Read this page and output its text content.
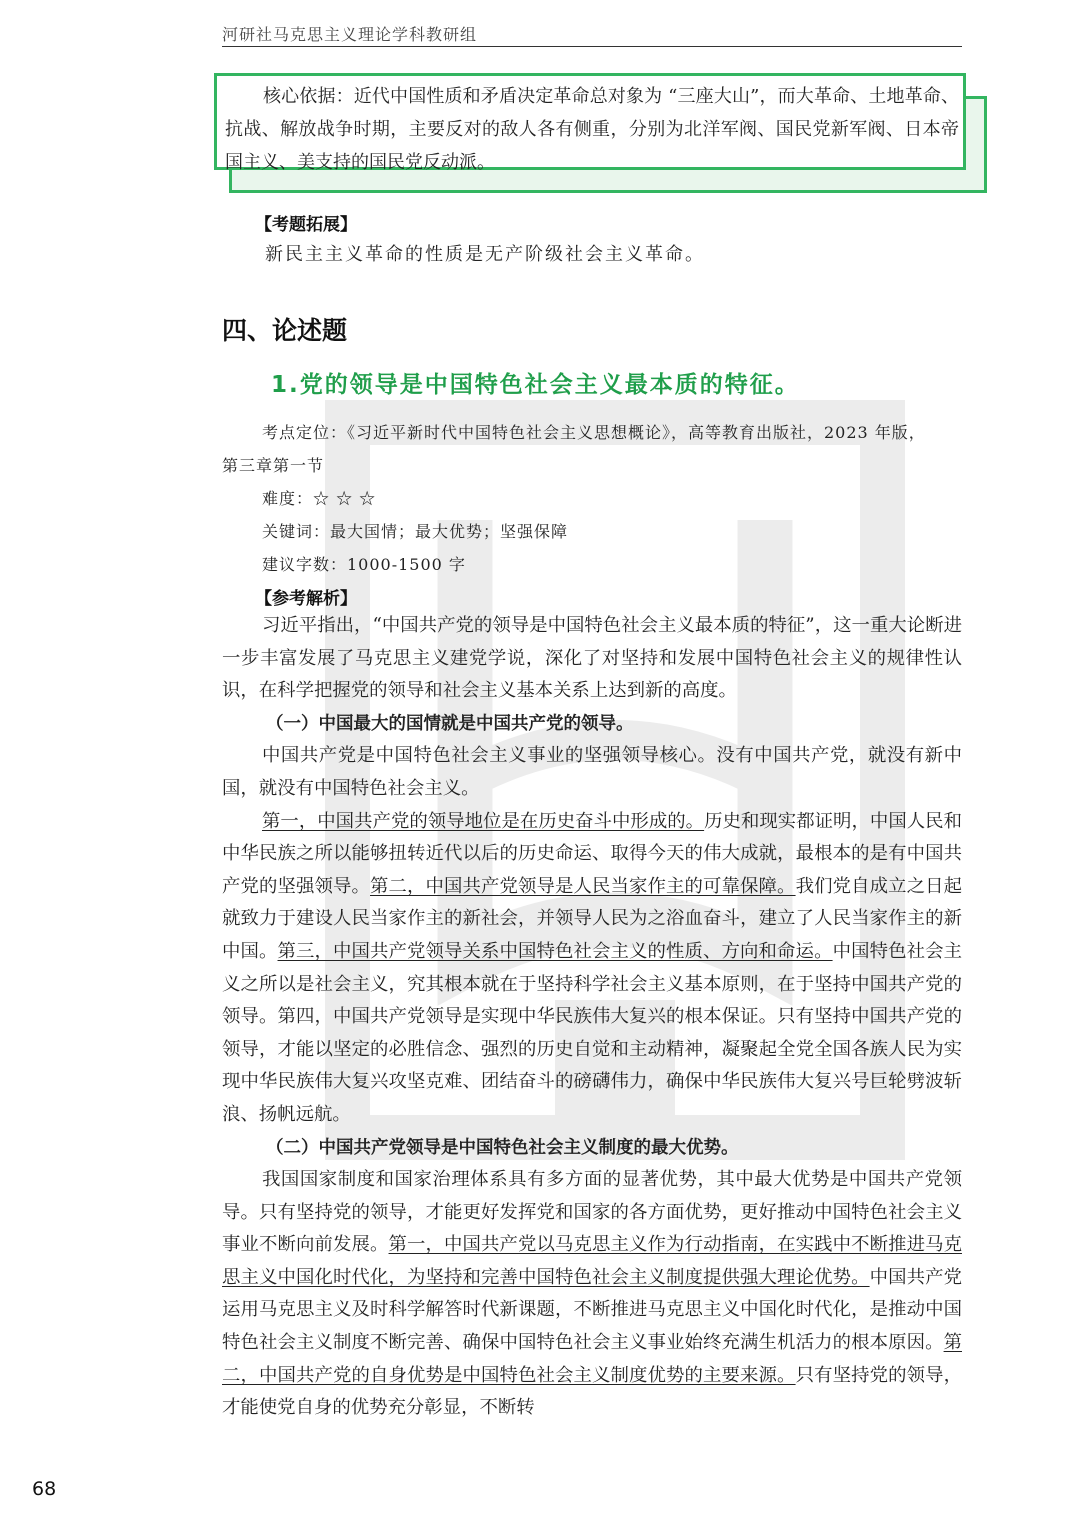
河研社马克思主义理论学科教研组
核心依据：近代中国性质和矛盾决定革命总对象为 “三座大山”，而大革命、土地革命、抗战、解放战争时期，主要反对的敌人各有侧重，分别为北洋军阀、国民党新军阀、日本帝国主义、美支持的国民党反动派。
【考题拓展】
新民主主义革命的性质是无产阶级社会主义革命。
四、论述题
1.党的领导是中国特色社会主义最本质的特征。
考点定位：《习近平新时代中国特色社会主义思想概论》，高等教育出版社，2023 年版，
第三章第一节
难度：☆ ☆ ☆
关键词：最大国情；最大优势；坚强保障
建议字数：1000-1500 字
【参考解析】

习近平指出，“中国共产党的领导是中国特色社会主义最本质的特征”，这一重大论断进一步丰富发展了马克思主义建党学说，深化了对坚持和发展中国特色社会主义的规律性认识，在科学把握党的领导和社会主义基本关系上达到新的高度。

（一）中国最大的国情就是中国共产党的领导。

中国共产党是中国特色社会主义事业的坚强领导核心。没有中国共产党，就没有新中国，就没有中国特色社会主义。

第一，中国共产党的领导地位是在历史奋斗中形成的。历史和现实都证明，中国人民和中华民族之所以能够扭转近代以后的历史命运、取得今天的伟大成就，最根本的是有中国共产党的坚强领导。第二，中国共产党领导是人民当家作主的可靠保障。我们党自成立之日起就致力于建设人民当家作主的新社会，并领导人民为之浴血奋斗，建立了人民当家作主的新中国。第三，中国共产党领导关系中国特色社会主义的性质、方向和命运。中国特色社会主义之所以是社会主义，究其根本就在于坚持科学社会主义基本原则，在于坚持中国共产党的领导。第四，中国共产党领导是实现中华民族伟大复兴的根本保证。只有坚持中国共产党的领导，才能以坚定的必胜信念、强烈的历史自觉和主动精神，凝聚起全党全国各族人民为实现中华民族伟大复兴攻坚克难、团结奋斗的磅礴伟力，确保中华民族伟大复兴号巨轮劈波斩浪、扬帆远航。

（二）中国共产党领导是中国特色社会主义制度的最大优势。

我国国家制度和国家治理体系具有多方面的显著优势，其中最大优势是中国共产党领导。只有坚持党的领导，才能更好发挥党和国家的各方面优势，更好推动中国特色社会主义事业不断向前发展。第一，中国共产党以马克思主义作为行动指南，在实践中不断推进马克思主义中国化时代化，为坚持和完善中国特色社会主义制度提供强大理论优势。中国共产党运用马克思主义及时科学解答时代新课题，不断推进马克思主义中国化时代化，是推动中国特色社会主义制度不断完善、确保中国特色社会主义事业始终充满生机活力的根本原因。第二，中国共产党的自身优势是中国特色社会主义制度优势的主要来源。只有坚持党的领导，才能使党自身的优势充分彰显，不断转

68
